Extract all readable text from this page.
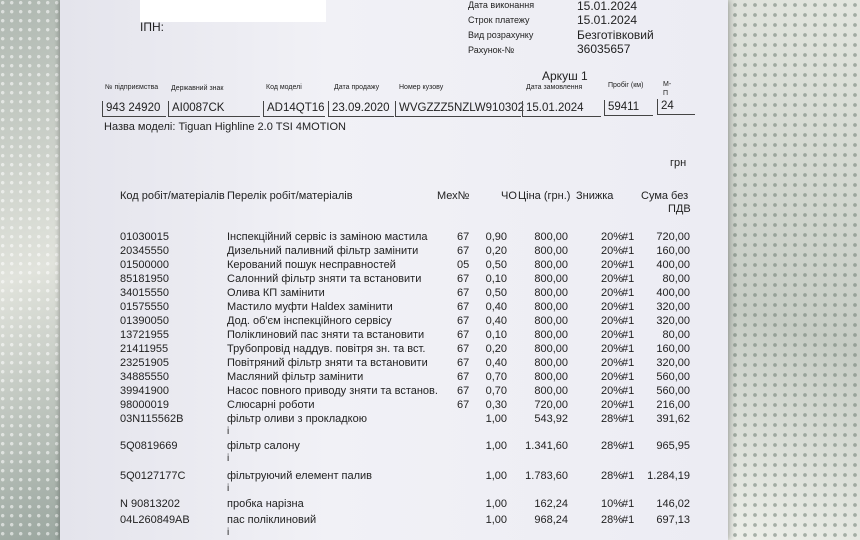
ІПН:
Дата виконання	15.01.2024
Строк платежу	15.01.2024
Вид розрахунку	Безготівковий
Рахунок-№	36035657
Аркуш 1
№ підприємства Державний знак	Код моделі	Дата продажу	Номер кузову	Дата замовлення	Пробіг (км)	М-П
943 24920	AI0087CK	AD14QT16 23.09.2020 WVGZZZ5NZLW910302 15.01.2024	59411	24
Назва моделі: Tiguan Highline 2.0 TSI 4MOTION
грн
Код робіт/матеріалів Перелік робіт/матеріалів	Мех№	ЧО Ціна (грн.) Знижка	Сума без
ПДВ
01030015	Інспекційний сервіс із заміною мастила	67 0,90 800,00	20% #1 720,00
20345550	Дизельний паливний фільтр замінити	67 0,20 800,00	20% #1 160,00
01500000	Керований пошук несправностей	05 0,50 800,00	20% #1 400,00
85181950	Салонний фільтр зняти та встановити	67 0,10 800,00	20% #1	80,00
34015550	Олива КП замінити	67 0,50 800,00	20% #1 400,00
01575550	Мастило муфти Haldex замінити	67 0,40 800,00	20% #1 320,00
01390050	Дод. об'єм інспекційного сервісу	67 0,40 800,00	20% #1 320,00
13721955	Поліклиновий пас зняти та встановити	67 0,10 800,00	20% #1	80,00
21411955	Трубопровід наддув. повітря зн. та вст.	67 0,20 800,00	20% #1 160,00
23251905	Повітряний фільтр зняти та встановити	67 0,40 800,00	20% #1 320,00
34885550	Масляний фільтр замінити	67 0,70 800,00	20% #1 560,00
39941900	Насос повного приводу зняти та встанов. 67 0,70 800,00	20% #1 560,00
98000019	Слюсарні роботи	67 0,30 720,00	20% #1 216,00
03N115562B	фільтр оливи з прокладкою	1,00 543,92	28% #1 391,62
і
5Q0819669	фільтр салону	1,00 1.341,60	28% #1 965,95
і
5Q0127177C	фільтруючий елемент палив	1,00 1.783,60	28% #1 1.284,19
і
N 90813202	пробка нарізна	1,00 162,24	10% #1 146,02
04L260849AB	пас поліклиновий	1,00 968,24	28% #1 697,13
і
